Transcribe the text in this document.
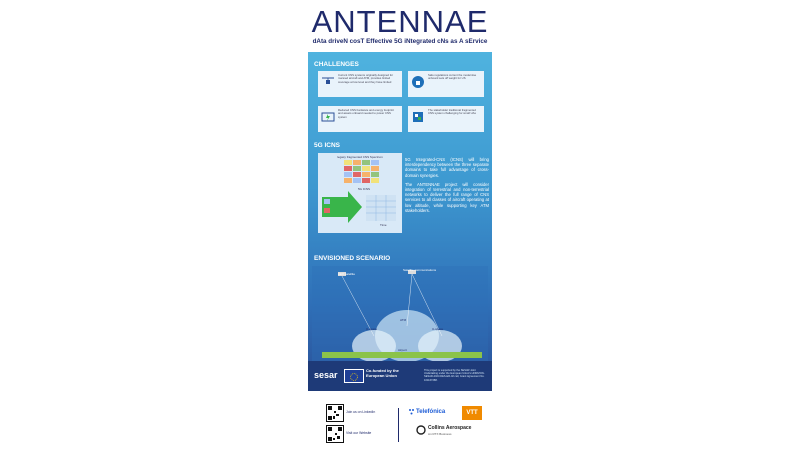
ANTENNAE
dAta driveN cosT Effective 5G iNtegrated cNs as A sErvice
CHALLENGES
Current CNS systems originally designed for manned aircraft and ATM, provides limited coverage at low level and they have limited
Safe regulations current the modernise onboard sets off weight for US
Reduced CNS hardware and energy footprint and assets onboard needed to power CNS system
The stakeholder traditional fragmented CNS system challenging for small UAs
5G ICNS
legacy fragmented CNS Spectrum
5G ICNS
Time
5G Integrated-CNS (ICNS) will bring interdependency between the three separate domains to take full advantage of cross-domain synergies.
The ANTENNAE project will consider integration of terrestrial and non-terrestrial networks to deliver the full range of CNS services to all classes of aircraft operating at low altitude, while supporting key ATM stakeholders.
ENVISIONED SCENARIO
LEO satellite
Satellite communications
U-space
ATM
U-space
Airport
sesar	Co-funded by the European Union
This project is supported by the SESAR Joint Undertaking under the European Union's HORIZON-SESAR-2023-DES-ER-02 call, Grant Agreement No. 101167288.
Join us on LinkedIn
Visit our Website
Telefónica	VTT
Collins Aerospace
An RTX Business
